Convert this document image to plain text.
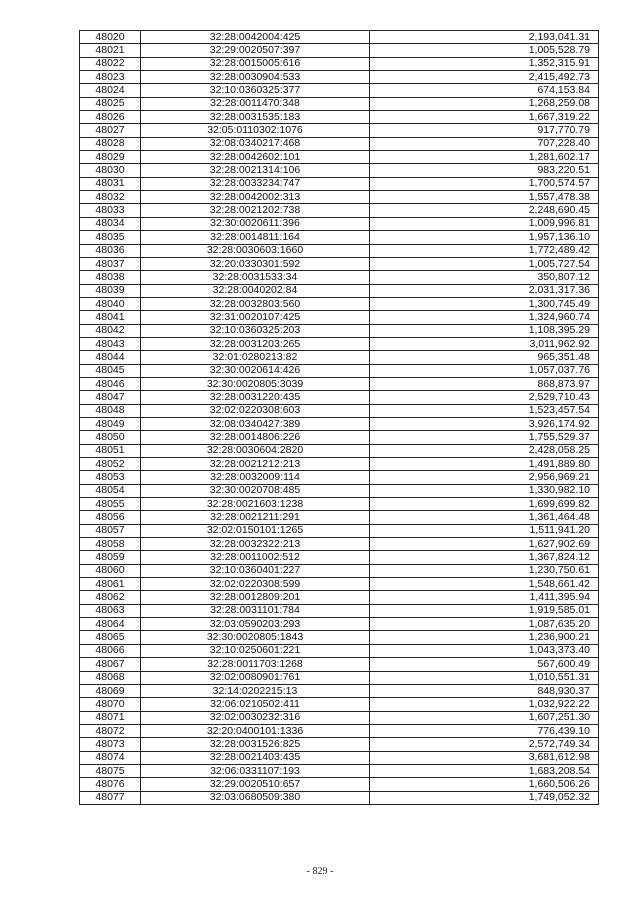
48020	32:28:0042004:425	2,193,041.31
48021	32:29:0020507:397	1,005,528.79
48022	32:28:0015005:616	1,352,315.91
48023	32:28:0030904:533	2,415,492.73
48024	32:10:0360325:377	674,153.84
48025	32:28:0011470:348	1,268,259.08
48026	32:28:0031535:183	1,667,319.22
48027	32:05:0110302:1076	917,770.79
48028	32:08:0340217:468	707,228.40
48029	32:28:0042602:101	1,281,602.17
48030	32:28:0021314:106	983,220.51
48031	32:28:0033234:747	1,700,574.57
48032	32:28:0042002:313	1,557,478.38
48033	32:28:0021202:738	2,248,690.45
48034	32:30:0020611:396	1,009,996.81
48035	32:28:0014811:164	1,957,136.10
48036	32:28:0030603:1660	1,772,489.42
48037	32:20:0330301:592	1,005,727.54
48038	32:28:0031533:34	350,807.12
48039	32:28:0040202:84	2,031,317.36
48040	32:28:0032803:560	1,300,745.49
48041	32:31:0020107:425	1,324,960.74
48042	32:10:0360325:203	1,108,395.29
48043	32:28:0031203:265	3,011,962.92
48044	32:01:0280213:82	965,351.48
48045	32:30:0020614:426	1,057,037.76
48046	32:30:0020805:3039	868,873.97
48047	32:28:0031220:435	2,529,710.43
48048	32:02:0220308:603	1,523,457.54
48049	32:08:0340427:389	3,926,174.92
48050	32:28:0014806:226	1,755,529.37
48051	32:28:0030604:2820	2,428,058.25
48052	32:28:0021212:213	1,491,889.80
48053	32:28:0032009:114	2,956,969.21
48054	32:30:0020708:485	1,330,982.10
48055	32:28:0021603:1238	1,699,699.82
48056	32:28:0021211:291	1,361,464.48
48057	32:02:0150101:1265	1,511,941.20
48058	32:28:0032322:213	1,627,902.69
48059	32:28:0011002:512	1,367,824.12
48060	32:10:0360401:227	1,230,750.61
48061	32:02:0220308:599	1,548,661.42
48062	32:28:0012809:201	1,411,395.94
48063	32:28:0031101:784	1,919,585.01
48064	32:03:0590203:293	1,087,635.20
48065	32:30:0020805:1843	1,236,900.21
48066	32:10:0250601:221	1,043,373.40
48067	32:28:0011703:1268	567,600.49
48068	32:02:0080901:761	1,010,551.31
48069	32:14:0202215:13	848,930.37
48070	32:06:0210502:411	1,032,922.22
48071	32:02:0030232:316	1,607,251.30
48072	32:20:0400101:1336	776,439.10
48073	32:28:0031526:825	2,572,749.34
48074	32:28:0021403:435	3,681,612.98
48075	32:06:0331107:193	1,683,208.54
48076	32:29:0020510:657	1,660,506.26
48077	32:03:0680509:380	1,749,052.32
- 829 -
